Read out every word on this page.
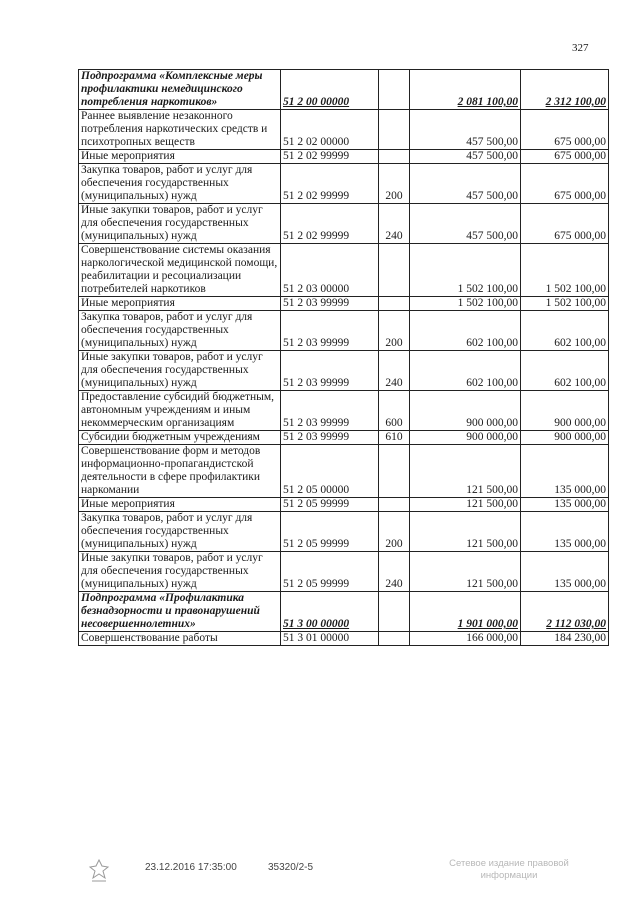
327
Подпрограмма «Комплексные меры профилактики немедицинского потребления наркотиков»	51 2 00 00000		2 081 100,00	2 312 100,00
Раннее выявление незаконного потребления наркотических средств и психотропных веществ	51 2 02 00000		457 500,00	675 000,00
Иные мероприятия	51 2 02 99999		457 500,00	675 000,00
Закупка товаров, работ и услуг для обеспечения государственных (муниципальных) нужд	51 2 02 99999	200	457 500,00	675 000,00
Иные закупки товаров, работ и услуг для обеспечения государственных (муниципальных) нужд	51 2 02 99999	240	457 500,00	675 000,00
Совершенствование системы оказания наркологической медицинской помощи, реабилитации и ресоциализации потребителей наркотиков	51 2 03 00000		1 502 100,00	1 502 100,00
Иные мероприятия	51 2 03 99999		1 502 100,00	1 502 100,00
Закупка товаров, работ и услуг для обеспечения государственных (муниципальных) нужд	51 2 03 99999	200	602 100,00	602 100,00
Иные закупки товаров, работ и услуг для обеспечения государственных (муниципальных) нужд	51 2 03 99999	240	602 100,00	602 100,00
Предоставление субсидий бюджетным, автономным учреждениям и иным некоммерческим организациям	51 2 03 99999	600	900 000,00	900 000,00
Субсидии бюджетным учреждениям	51 2 03 99999	610	900 000,00	900 000,00
Совершенствование форм и методов информационно-пропагандистской деятельности в сфере профилактики наркомании	51 2 05 00000		121 500,00	135 000,00
Иные мероприятия	51 2 05 99999		121 500,00	135 000,00
Закупка товаров, работ и услуг для обеспечения государственных (муниципальных) нужд	51 2 05 99999	200	121 500,00	135 000,00
Иные закупки товаров, работ и услуг для обеспечения государственных (муниципальных) нужд	51 2 05 99999	240	121 500,00	135 000,00
Подпрограмма «Профилактика безнадзорности и правонарушений несовершеннолетних»	51 3 00 00000		1 901 000,00	2 112 030,00
Совершенствование работы	51 3 01 00000		166 000,00	184 230,00
23.12.2016 17:35:00	35320/2-5	Сетевое издание правовой
информации
